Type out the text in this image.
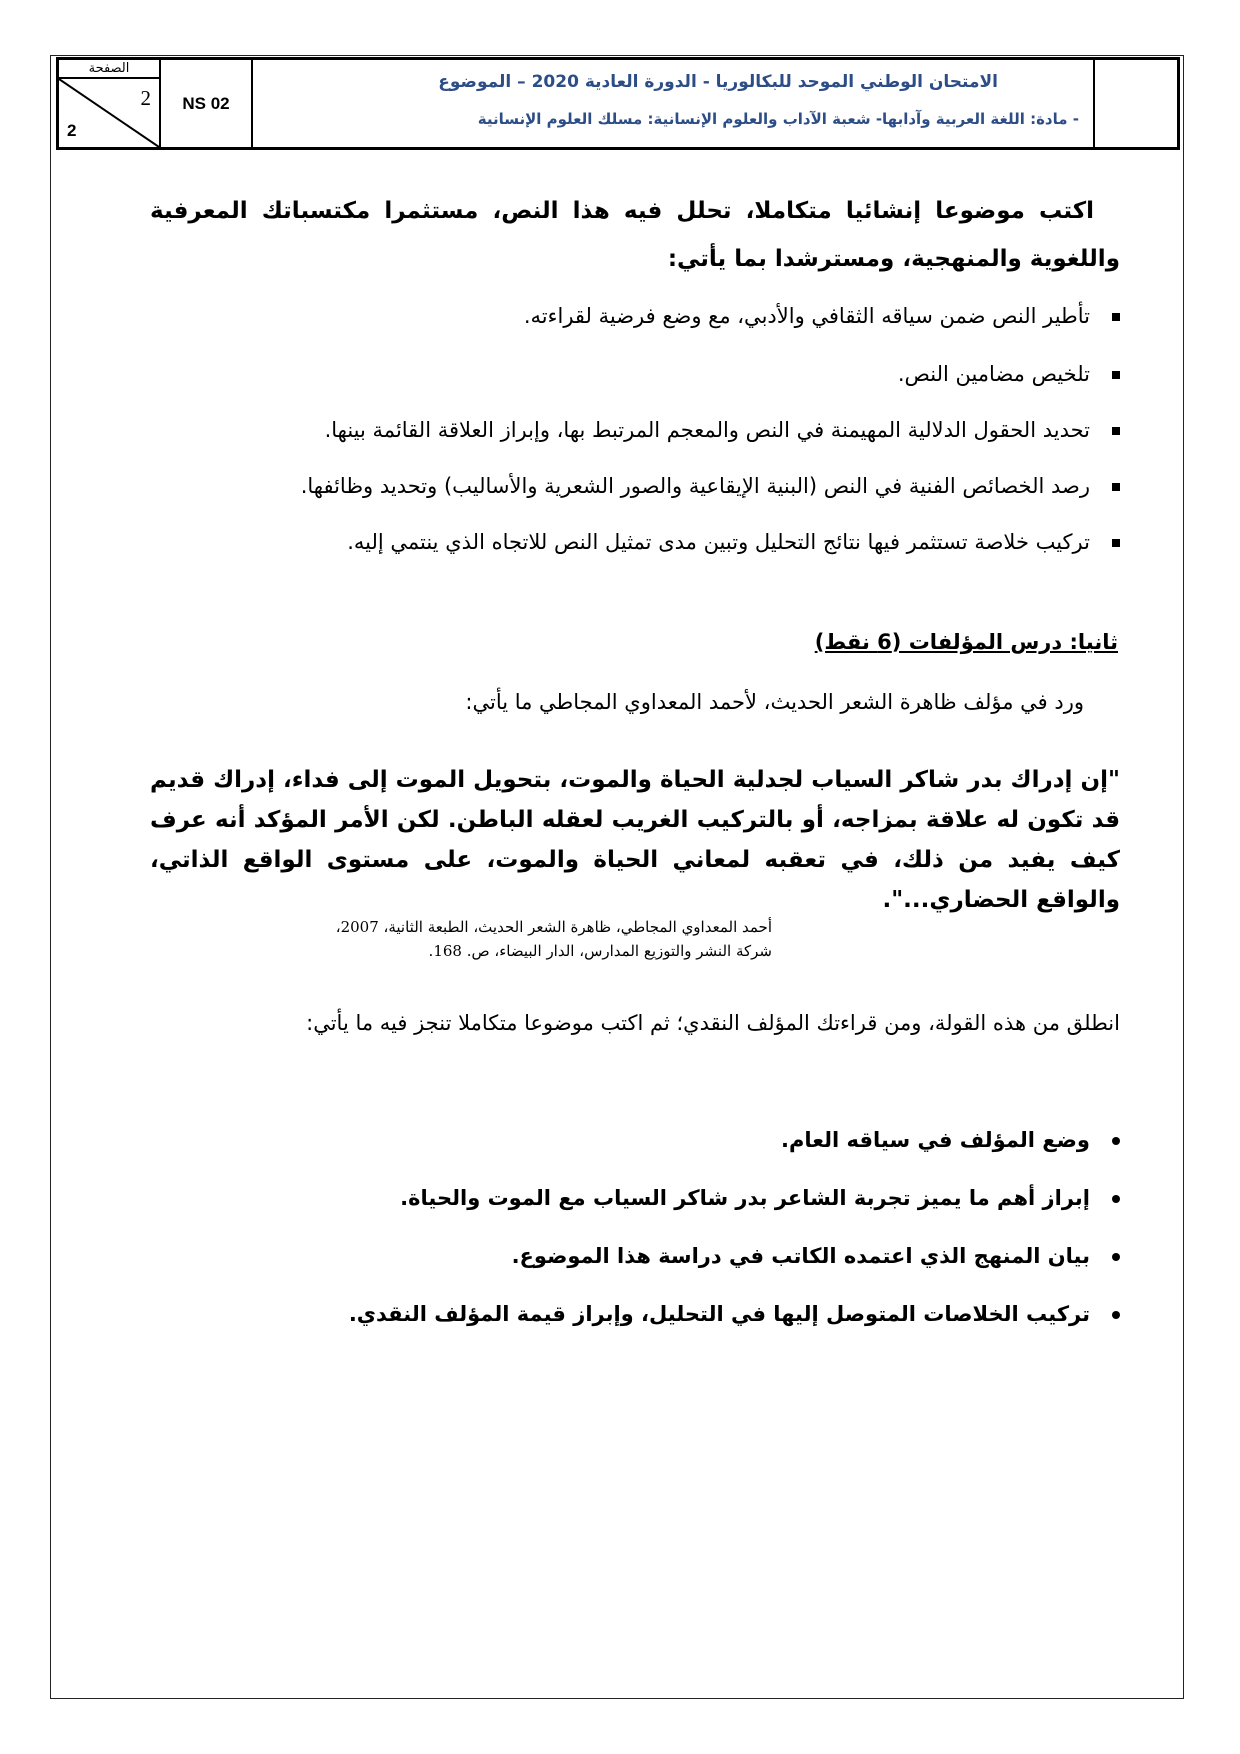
الصفحة
2
2
NS 02
الامتحان الوطني الموحد للبكالوريا - الدورة العادية 2020 – الموضوع
- مادة: اللغة العربية وآدابها- شعبة الآداب والعلوم الإنسانية: مسلك العلوم الإنسانية
اكتب موضوعا إنشائيا متكاملا، تحلل فيه هذا النص، مستثمرا مكتسباتك المعرفية واللغوية والمنهجية، ومسترشدا بما يأتي:
تأطير النص ضمن سياقه الثقافي والأدبي، مع وضع فرضية لقراءته.
تلخيص مضامين النص.
تحديد الحقول الدلالية المهيمنة في النص والمعجم المرتبط بها، وإبراز العلاقة القائمة بينها.
رصد الخصائص الفنية في النص (البنية الإيقاعية والصور الشعرية والأساليب) وتحديد وظائفها.
تركيب خلاصة تستثمر فيها نتائج التحليل وتبين مدى تمثيل النص للاتجاه الذي ينتمي إليه.
ثانيا: درس المؤلفات (6 نقط)
ورد في مؤلف ظاهرة الشعر الحديث، لأحمد المعداوي المجاطي ما يأتي:
"إن إدراك بدر شاكر السياب لجدلية الحياة والموت، بتحويل الموت إلى فداء، إدراك قديم قد تكون له علاقة بمزاجه، أو بالتركيب الغريب لعقله الباطن. لكن الأمر المؤكد أنه عرف كيف يفيد من ذلك، في تعقبه لمعاني الحياة والموت، على مستوى الواقع الذاتي، والواقع الحضاري...".
أحمد المعداوي المجاطي، ظاهرة الشعر الحديث، الطبعة الثانية، 2007،
شركة النشر والتوزيع المدارس، الدار البيضاء، ص. 168.
انطلق من هذه القولة، ومن قراءتك المؤلف النقدي؛ ثم اكتب موضوعا متكاملا تنجز فيه ما يأتي:
وضع المؤلف في سياقه العام.
إبراز أهم ما يميز تجربة الشاعر بدر شاكر السياب مع الموت والحياة.
بيان المنهج الذي اعتمده الكاتب في دراسة هذا الموضوع.
تركيب الخلاصات المتوصل إليها في التحليل، وإبراز قيمة المؤلف النقدي.
